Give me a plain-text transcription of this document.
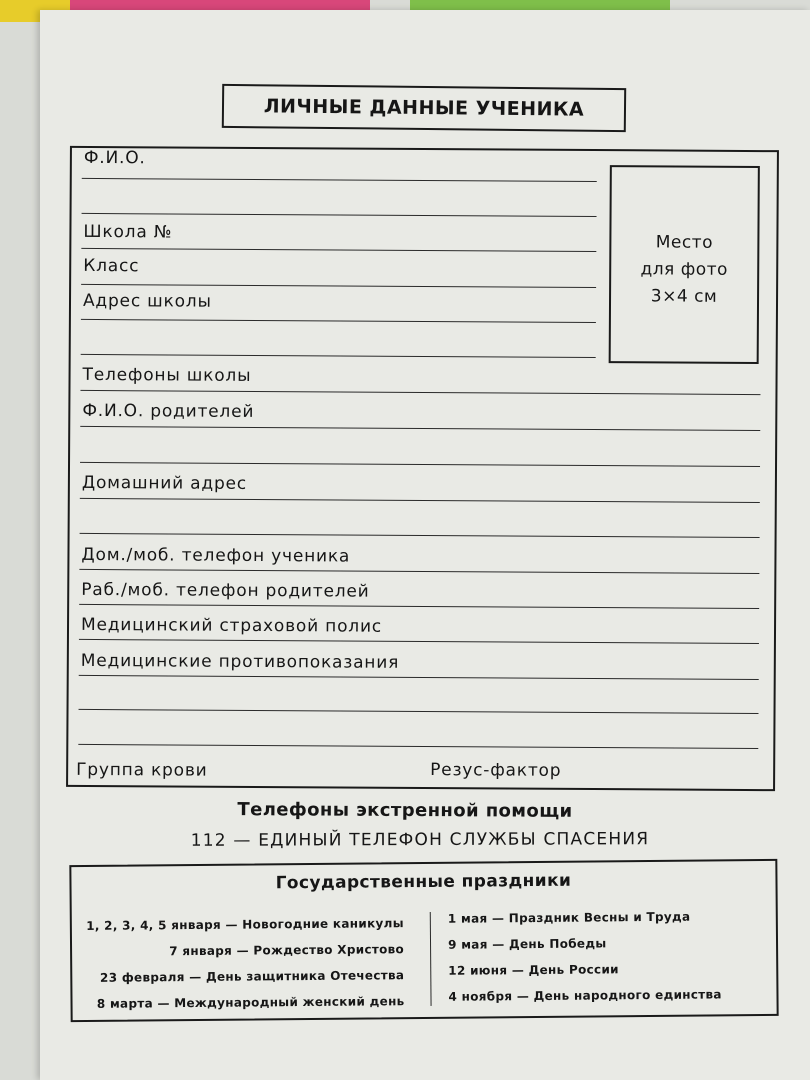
ЛИЧНЫЕ ДАННЫЕ УЧЕНИКА
Ф.И.О.
Школа №
Класс
Адрес школы
Телефоны школы
Ф.И.О. родителей
Домашний адрес
Дом./моб. телефон ученика
Раб./моб. телефон родителей
Медицинский страховой полис
Медицинские противопоказания
Группа крови	Резус-фактор
Место
для фото
3×4 см
Телефоны экстренной помощи
112 — ЕДИНЫЙ ТЕЛЕФОН СЛУЖБЫ СПАСЕНИЯ
Государственные праздники
1, 2, 3, 4, 5 января — Новогодние каникулы
7 января — Рождество Христово
23 февраля — День защитника Отечества
8 марта — Международный женский день
1 мая — Праздник Весны и Труда
9 мая — День Победы
12 июня — День России
4 ноября — День народного единства
